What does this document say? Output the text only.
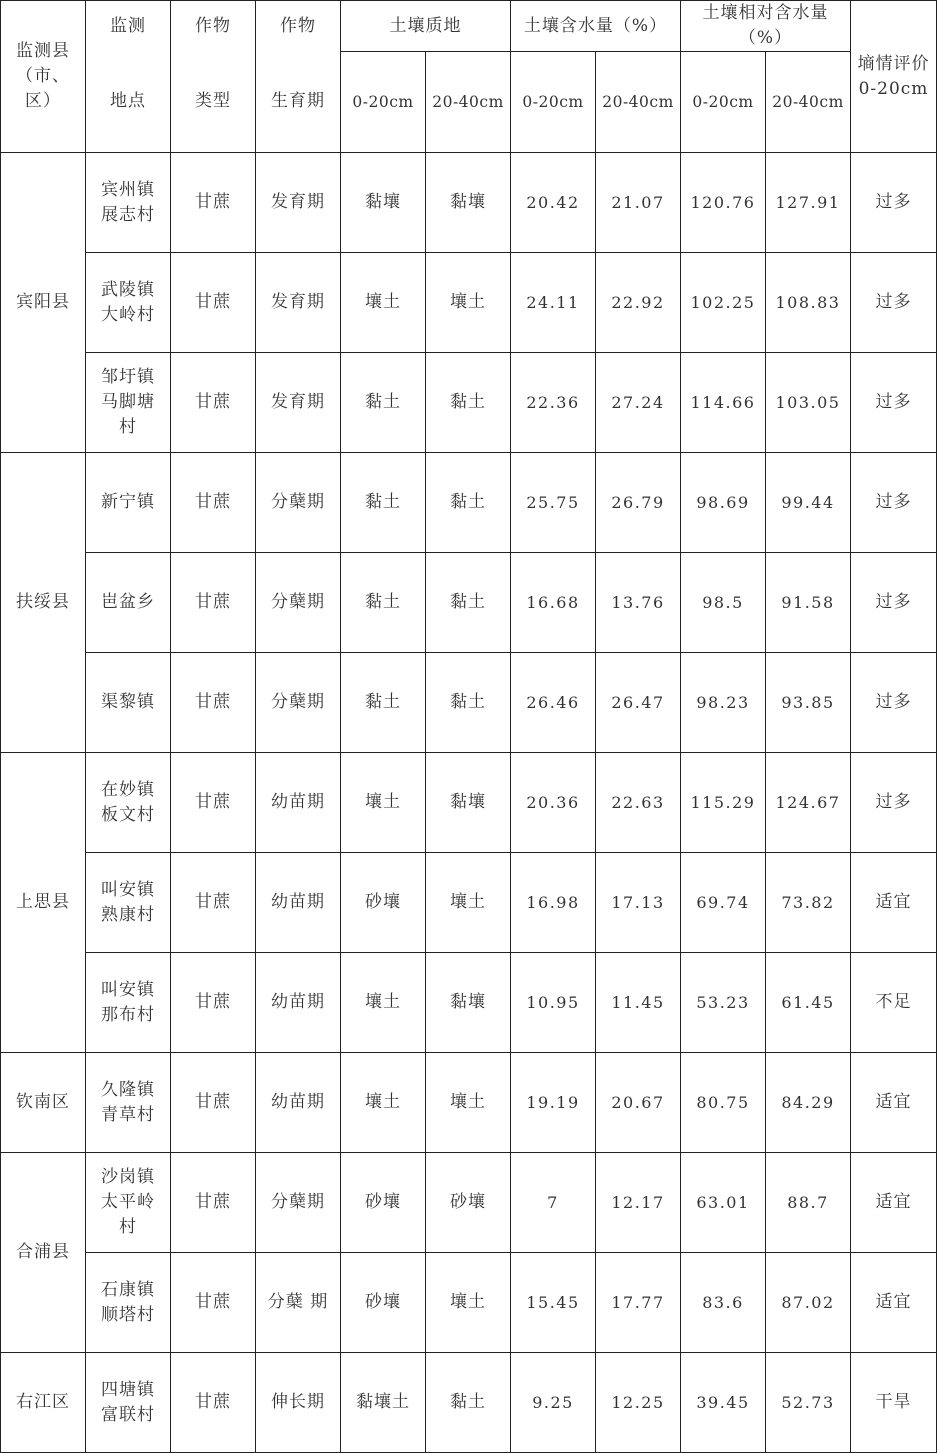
监测县（市、区）	监测	作物	作物	土壤质地		土壤含水量（%）		土壤相对含水量（%）		墒情评价0-20cm
	地点	类型	生育期	0-20cm	20-40cm	0-20cm	20-40cm	0-20cm	20-40cm	
宾阳县	宾州镇展志村	甘蔗	发育期	黏壤	黏壤	20.42	21.07	120.76	127.91	过多
	武陵镇大岭村	甘蔗	发育期	壤土	壤土	24.11	22.92	102.25	108.83	过多
	邹圩镇马脚塘村	甘蔗	发育期	黏土	黏土	22.36	27.24	114.66	103.05	过多
扶绥县	新宁镇	甘蔗	分蘖期	黏土	黏土	25.75	26.79	98.69	99.44	过多
	岜盆乡	甘蔗	分蘖期	黏土	黏土	16.68	13.76	98.5	91.58	过多
	渠黎镇	甘蔗	分蘖期	黏土	黏土	26.46	26.47	98.23	93.85	过多
上思县	在妙镇板文村	甘蔗	幼苗期	壤土	黏壤	20.36	22.63	115.29	124.67	过多
	叫安镇熟康村	甘蔗	幼苗期	砂壤	壤土	16.98	17.13	69.74	73.82	适宜
	叫安镇那布村	甘蔗	幼苗期	壤土	黏壤	10.95	11.45	53.23	61.45	不足
钦南区	久隆镇青草村	甘蔗	幼苗期	壤土	壤土	19.19	20.67	80.75	84.29	适宜
合浦县	沙岗镇太平岭村	甘蔗	分蘖期	砂壤	砂壤	7	12.17	63.01	88.7	适宜
	石康镇顺塔村	甘蔗	分蘖 期	砂壤	壤土	15.45	17.77	83.6	87.02	适宜
右江区	四塘镇富联村	甘蔗	伸长期	黏壤土	黏土	9.25	12.25	39.45	52.73	干旱
